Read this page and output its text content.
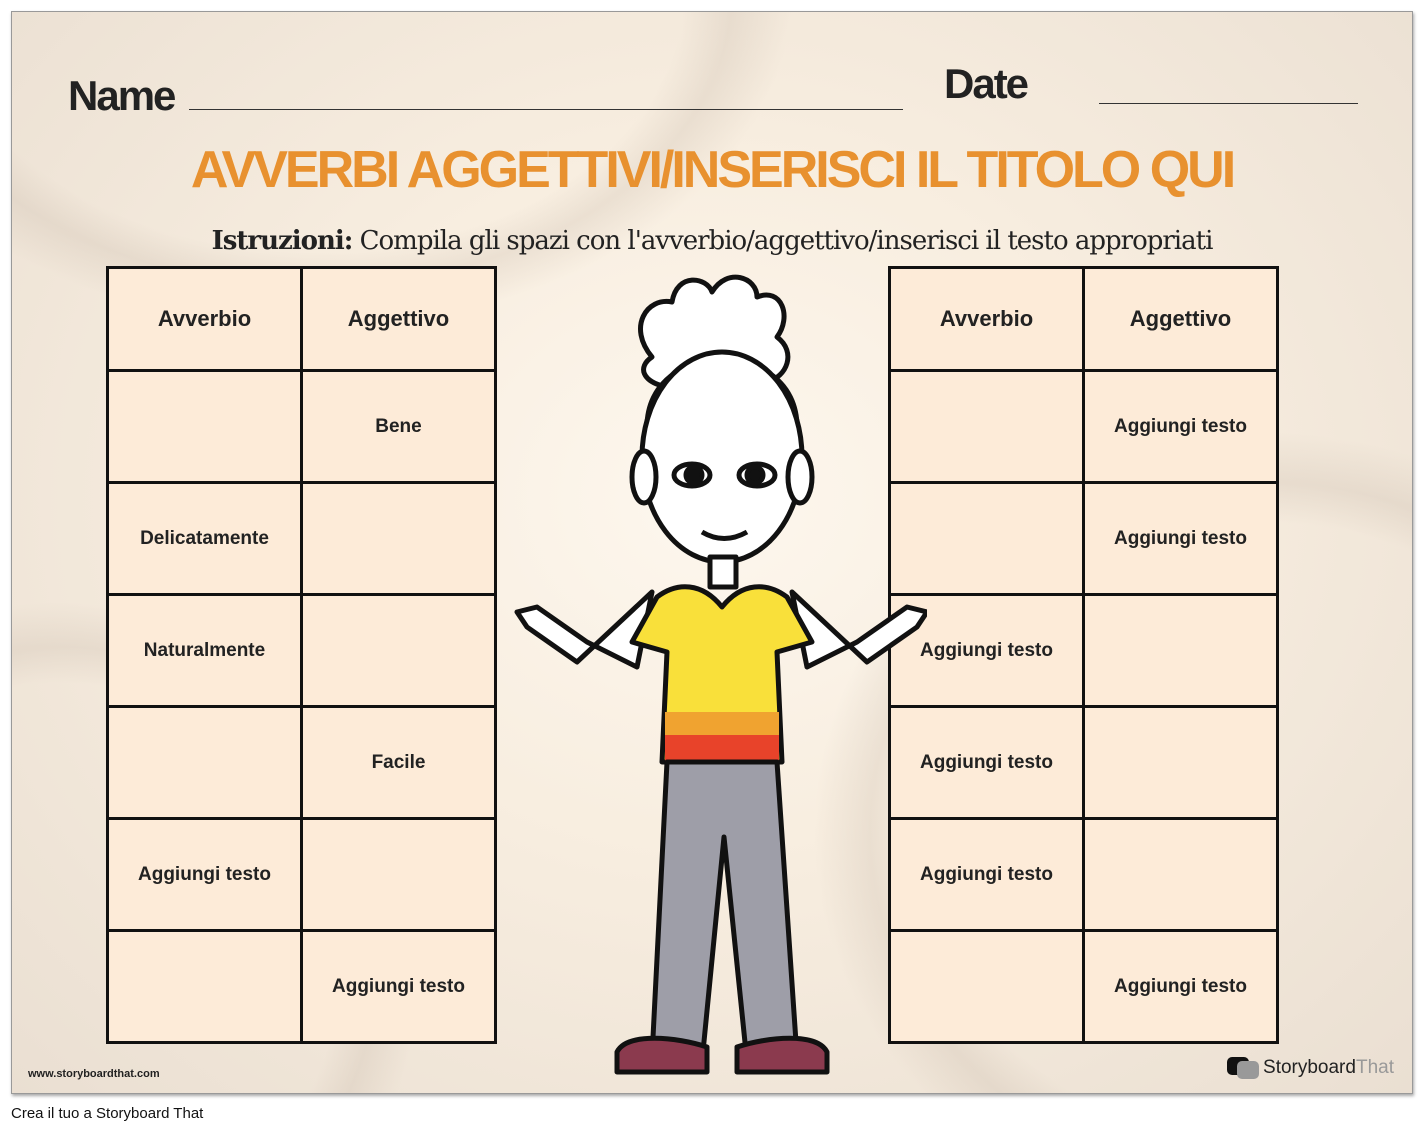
Name	Date
AVVERBI AGGETTIVI/INSERISCI IL TITOLO QUI
Istruzioni: Compila gli spazi con l'avverbio/aggettivo/inserisci il testo appropriati
Avverbio	Aggettivo
	Bene
Delicatamente	
Naturalmente	
	Facile
Aggiungi testo	
	Aggiungi testo
Avverbio	Aggettivo
	Aggiungi testo
	Aggiungi testo
Aggiungi testo	
Aggiungi testo	
Aggiungi testo	
	Aggiungi testo
www.storyboardthat.com	Storyboard That
Crea il tuo a Storyboard That
